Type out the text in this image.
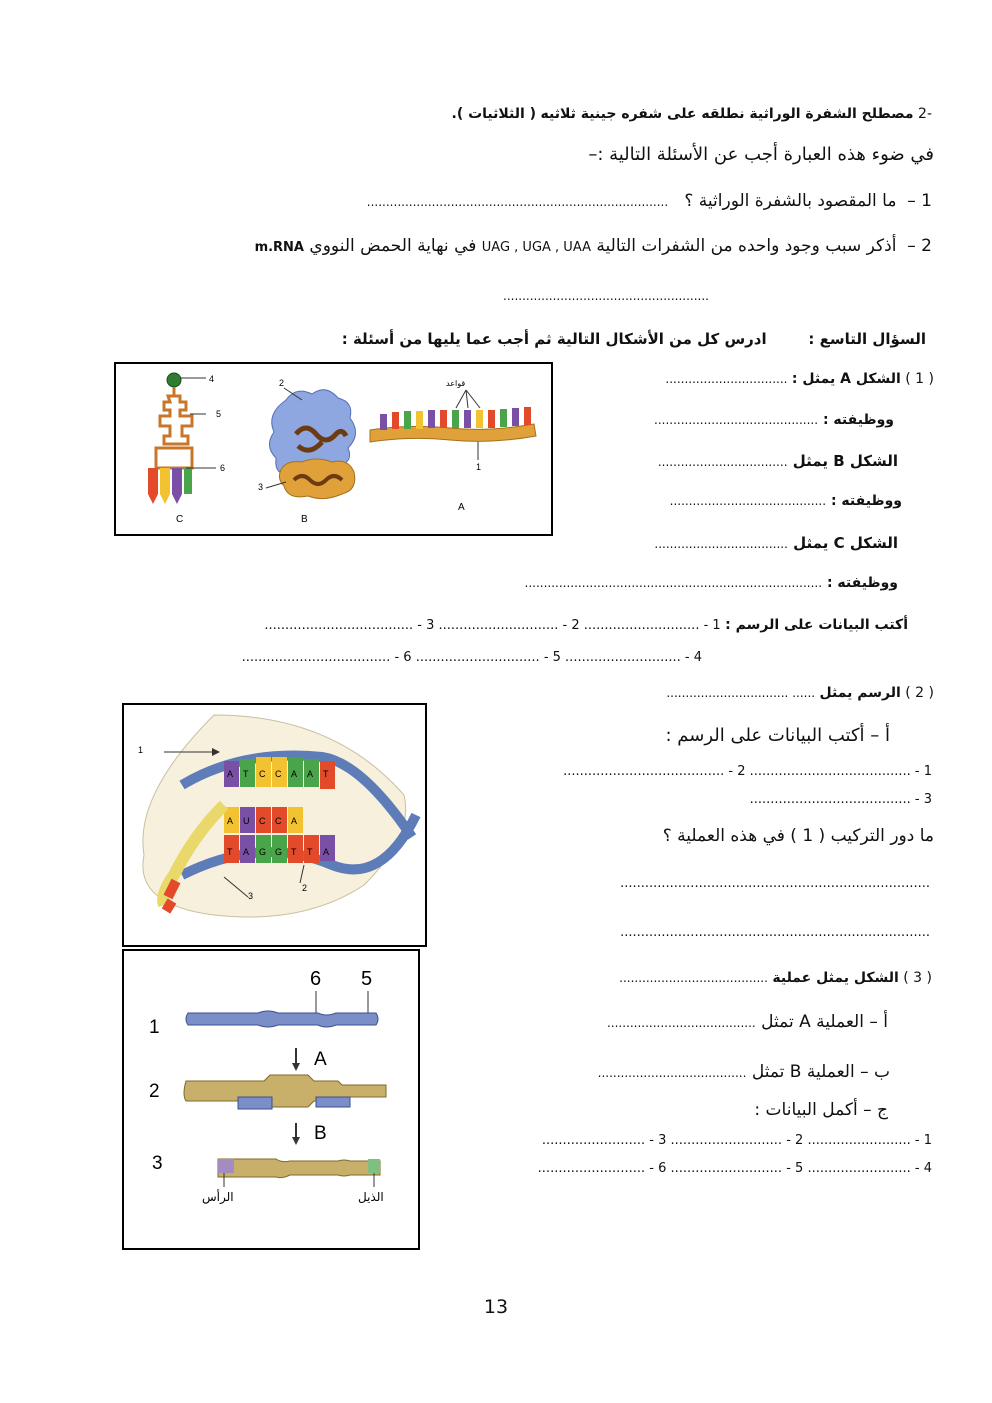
-2 مصطلح الشفرة الوراثية نطلقه على شفره جينية ثلاثيه ( الثلاثيات ).
في ضوء هذه العبارة أجب عن الأسئلة التالية :–
1 –  ما المقصود بالشفرة الوراثية ؟   ...............................................................................
2 –  أذكر سبب وجود واحده من الشفرات التالية UAG , UGA , UAA في نهاية الحمض النووي m.RNA
......................................................
السؤال التاسع :        ادرس كل من الأشكال التالية ثم أجب عما يليها من أسئلة :
4
5
6
C
2
3
B
قواعد
1
A
( 1 ) الشكل A يمثل : ................................
ووظيفته : ...........................................
الشكل B يمثل ..................................
ووظيفته : .........................................
الشكل C يمثل ...................................
ووظيفته : ..............................................................................
أكتب البيانات على الرسم : 1 - ............................ 2 - ............................. 3 - ....................................
4 - ............................ 5 - .............................. 6 - ....................................
( 2 ) الرسم يمثل ...... ................................
1
A T C C A A T
T A G G T T A
A U C C A
3
2
أ – أكتب البيانات على الرسم :
1 - ....................................... 2 - .......................................
3 - .......................................
ما دور التركيب ( 1 ) في هذه العملية ؟
...........................................................................
...........................................................................
6 5
1
A
2
B
3
الرأس	الذيل
( 3 ) الشكل يمثل عملية .......................................
أ – العملية A تمثل .......................................
ب – العملية B تمثل .......................................
ج – أكمل البيانات :
1 - ......................... 2 - ........................... 3 - .........................
4 - ......................... 5 - ........................... 6 - ..........................
13
